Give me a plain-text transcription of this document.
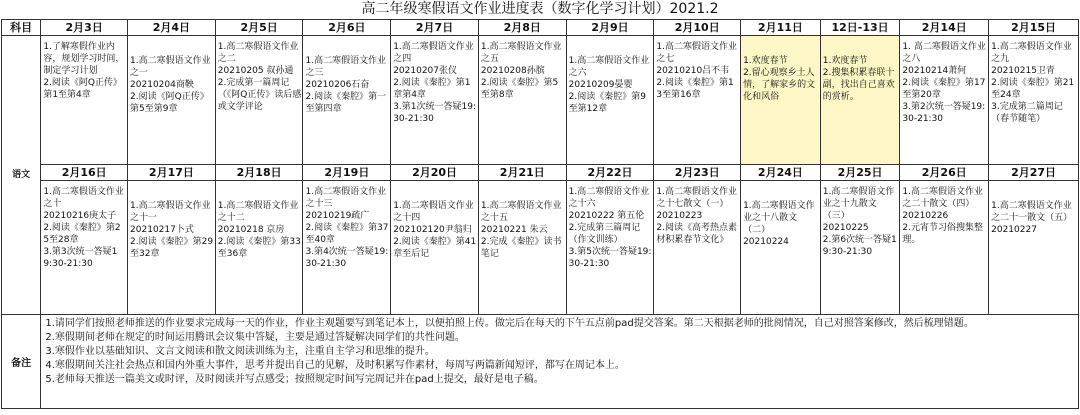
高二年级寒假语文作业进度表（数字化学习计划）2021.2
科目	2月3日	2月4日	2月5日	2月6日	2月7日	2月8日	2月9日	2月10日	2月11日	12日-13日	2月14日	2月15日
语文	1.了解寒假作业内容，规划学习时间，制定学习计划
2.阅读《阿Q正传》第1至第4章	1.高二寒假语文作业之一
20210204商鞅
2.阅读《阿Q正传》第5至第9章	1.高二寒假语文作业之二
20210205 叔孙通
2.完成第一篇周记（《阿Q正传》读后感或文学评论	1.高二寒假语文作业之三
20210206石奋
2.阅读《秦腔》第一至第四章	1.高二寒假语文作业之四
20210207张仪
2.阅读《秦腔》第1章第4章
3.第1次统一答疑19:30-21:30	1.高二寒假语文作业之五
20210208孙膑
2.阅读《秦腔》第5至第8章	1.高二寒假语文作业之六
20210209晏婴
2.阅读《秦腔》第9至第12章	1.高二寒假语文作业之七
20210210吕不韦
2.阅读《秦腔》第13至第16章	1.欢度春节
2.留心观察乡土人情，了解家乡的文化和风俗	1.欢度春节
2.搜集积累春联十副，找出自己喜欢的赏析。	1. 高二寒假语文作业之八
20210214萧何
2.阅读《秦腔》第17至第20章
3.第2次统一答疑19:30-21:30	1.高二寒假语文作业之九
20210215卫青
2.阅读《秦腔》第21至24章
3.完成第二篇周记（春节随笔）

	2月16日	2月17日	2月18日	2月19日	2月20日	2月21日	2月22日	2月23日	2月24日	2月25日	2月26日	2月27日

	1.高二寒假语文作业之十
20210216庚太子
2.阅读《秦腔》第25至28章
3.第3次统一答疑19:30-21:30	1.高二寒假语文作业之十一
20210217卜式
2.阅读《秦腔》第29至32章	1.高二寒假语文作业之十二
20210218 京房
2.阅读《秦腔》第33至36章	1.高二寒假语文作业之十三
20210219疏广
2.阅读《秦腔》第37至40章
3.第4次统一答疑19:30-21:30	1.高二寒假语文作业之十四
202102120尹翁归
2.阅读《秦腔》第41章至后记	1.高二寒假语文作业之十五
20210221 朱云
2.完成《秦腔》读书笔记	1.高二寒假语文作业之十六
20210222 第五伦
2.完成第三篇周记（作文训练）
3.第5次统一答疑19:30-21:30	1.高二寒假语文作业之十七散文（一）
20210223
2.阅读《高考热点素材积累春节文化》	1.高二寒假语文作业之十八散文（二）
20210224	1.高二寒假语文作业之十九散文（三）
20210225
2.第6次统一答疑19:30-21:30	1.高二寒假语文作业之二十散文（四）
20210226
2.元宵节习俗搜集整理。	1.高二寒假语文作业之二十一散文（五）
20210227

备注	1.请同学们按照老师推送的作业要求完成每一天的作业，作业主观题要写到笔记本上，以便拍照上传。做完后在每天的下午五点前pad提交答案。第二天根据老师的批阅情况，自己对照答案修改，然后梳理错题。
2.寒假期间老师在规定的时间运用腾讯会议集中答疑，主要是通过答疑解决同学们的共性问题。
3.寒假作业以基础知识、文言文阅读和散文阅读训练为主，注重自主学习和思维的提升。
4.寒假期间关注社会热点和国内外重大事件，思考并提出自己的见解，及时积累写作素材，每周写两篇新闻短评，都写在周记本上。
5.老师每天推送一篇美文或时评，及时阅读并写点感受；按照规定时间写完周记并在pad上提交，最好是电子稿。											
